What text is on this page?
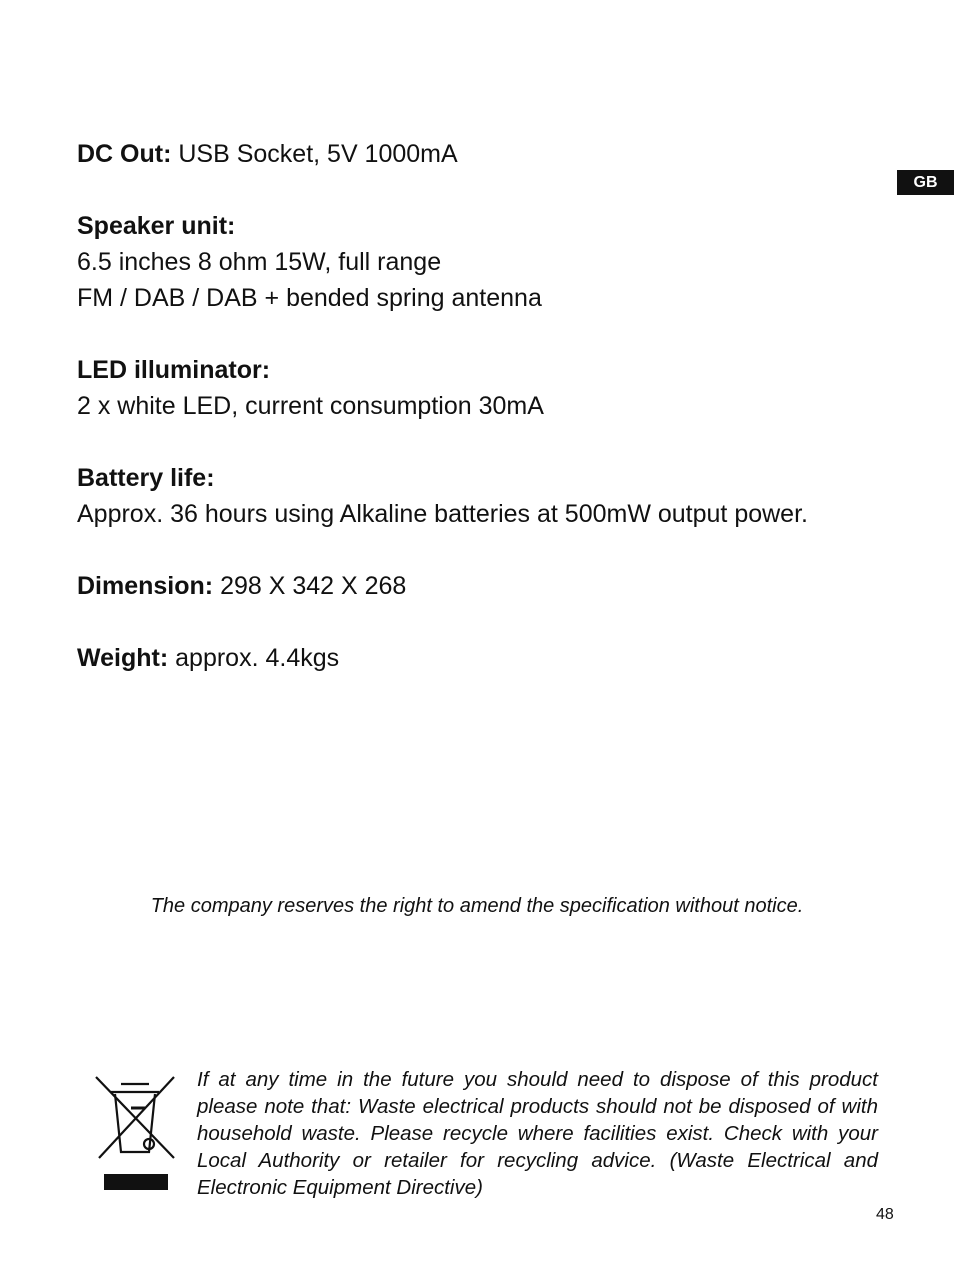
GB
DC Out: USB Socket, 5V 1000mA
Speaker unit:
6.5 inches 8 ohm 15W, full range
FM / DAB / DAB + bended spring antenna
LED illuminator:
2 x white LED, current consumption 30mA
Battery life:
Approx. 36 hours using Alkaline batteries at 500mW output power.
Dimension: 298 X 342 X 268
Weight: approx. 4.4kgs
The company reserves the right to amend the specification without notice.
If at any time in the future you should need to dispose of this product please note that: Waste electrical products should not be disposed of with household waste. Please recycle where facilities exist. Check with your Local Authority or retailer for recycling advice. (Waste Electrical and Electronic Equipment Directive)
48
